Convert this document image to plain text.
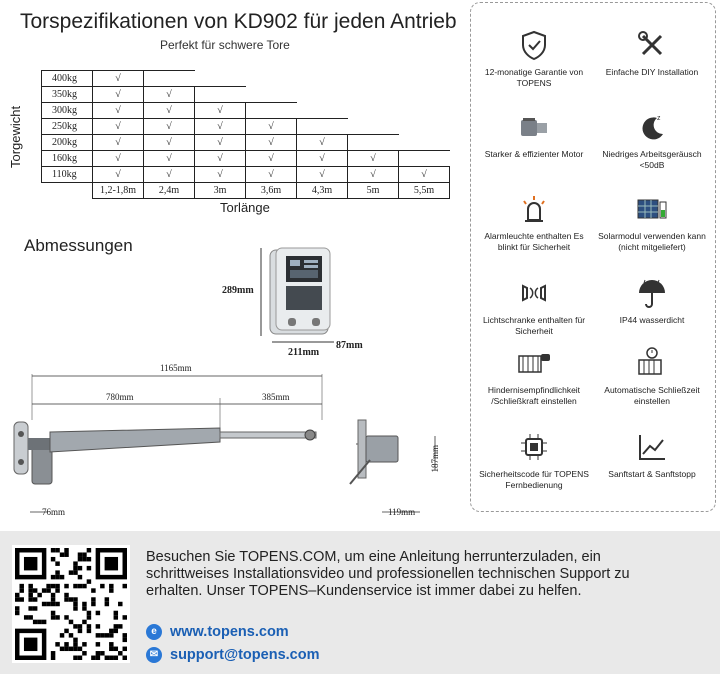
Torspezifikationen von KD902 für jeden Antrieb
Perfekt für schwere Tore
Torgewicht
400kg	√						
350kg	√	√					
300kg	√	√	√				
250kg	√	√	√	√			
200kg	√	√	√	√	√		
160kg	√	√	√	√	√	√	
110kg	√	√	√	√	√	√	√
	1,2-1,8m	2,4m	3m	3,6m	4,3m	5m	5,5m
Torlänge
Abmessungen
289mm
211mm
87mm
1165mm
780mm	385mm
76mm	119mm
187mm
12-monatige Garantie von TOPENS
Einfache DIY Installation
Starker & effizienter Motor
z
Niedriges Arbeitsgeräusch <50dB
Alarmleuchte enthalten Es blinkt für Sicherheit
Solarmodul verwenden kann (nicht mitgeliefert)
Lichtschranke enthalten für Sicherheit
IP44 wasserdicht
Hindernisempfindlichkeit /Schließkraft einstellen
Automatische Schließzeit einstellen
Sicherheitscode für TOPENS Fernbedienung
Sanftstart & Sanftstopp
Besuchen Sie TOPENS.COM, um eine Anleitung herrunterzuladen, ein schrittweises Installationsvideo und professionellen technischen Support zu erhalten. Unser TOPENS–Kundenservice ist immer dabei zu helfen.
e www.topens.com
✉ support@topens.com
